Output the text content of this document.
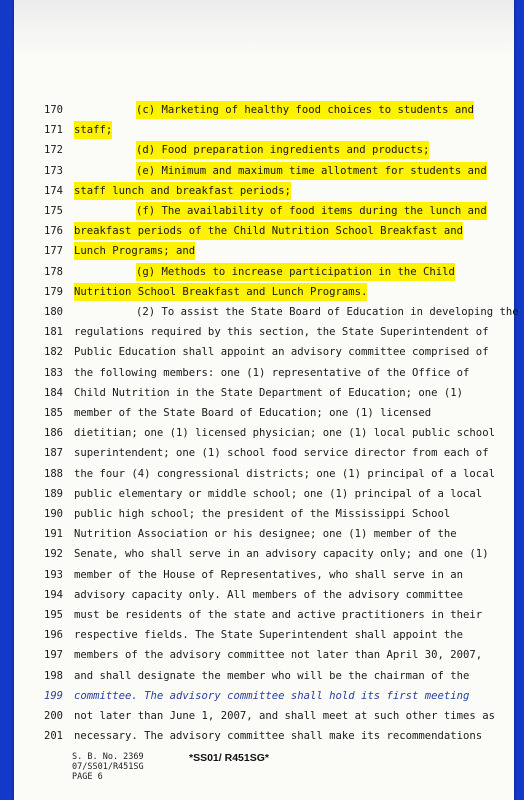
170	(c) Marketing of healthy food choices to students and
171	staff;
172	(d) Food preparation ingredients and products;
173	(e) Minimum and maximum time allotment for students and
174	staff lunch and breakfast periods;
175	(f) The availability of food items during the lunch and
176	breakfast periods of the Child Nutrition School Breakfast and
177	Lunch Programs; and
178	(g) Methods to increase participation in the Child
179	Nutrition School Breakfast and Lunch Programs.
180	(2) To assist the State Board of Education in developing the
181	regulations required by this section, the State Superintendent of
182	Public Education shall appoint an advisory committee comprised of
183	the following members: one (1) representative of the Office of
184	Child Nutrition in the State Department of Education; one (1)
185	member of the State Board of Education; one (1) licensed
186	dietitian; one (1) licensed physician; one (1) local public school
187	superintendent; one (1) school food service director from each of
188	the four (4) congressional districts; one (1) principal of a local
189	public elementary or middle school; one (1) principal of a local
190	public high school; the president of the Mississippi School
191	Nutrition Association or his designee; one (1) member of the
192	Senate, who shall serve in an advisory capacity only; and one (1)
193	member of the House of Representatives, who shall serve in an
194	advisory capacity only. All members of the advisory committee
195	must be residents of the state and active practitioners in their
196	respective fields. The State Superintendent shall appoint the
197	members of the advisory committee not later than April 30, 2007,
198	and shall designate the member who will be the chairman of the
199	committee. The advisory committee shall hold its first meeting
200	not later than June 1, 2007, and shall meet at such other times as
201	necessary. The advisory committee shall make its recommendations
S. B. No. 2369
07/SS01/R451SG
PAGE 6
*SS01/ R451SG*
